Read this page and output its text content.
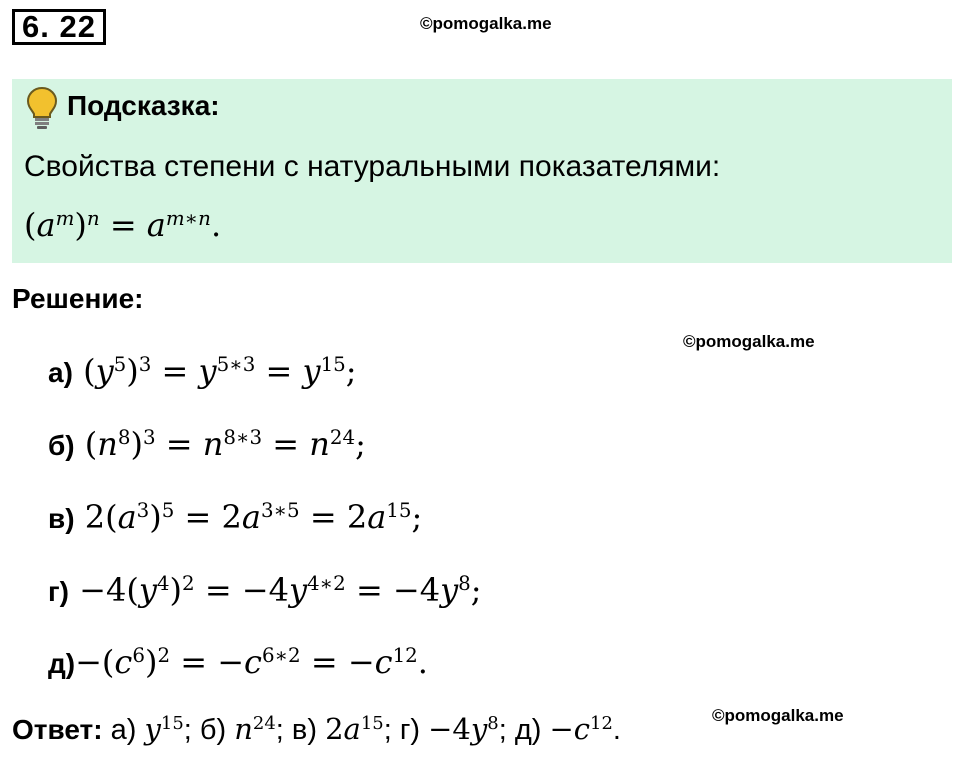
6. 22	©pomogalka.me
Подсказка:
Свойства степени с натуральными показателями:
$(a^m)^n = a^{m∗n}$.
Решение:
©pomogalka.me
а) $(y^5)^3 = y^{5∗3} = y^{15}$;
б) $(n^8)^3 = n^{8∗3} = n^{24}$;
в) $2(a^3)^5 = 2a^{3∗5} = 2a^{15}$;
$г) -4(y^4)^2 = -4y^{4∗2} = -4y^8$;
$д)-(c^6)^2 = -c^{6∗2} = -c^{12}$.
Ответ: а) $y^{15}$; б) $n^{24}$; в) $2a^{15}$; $г) -4y^8$; $д) -c^{12}$.	©pomogalka.me
